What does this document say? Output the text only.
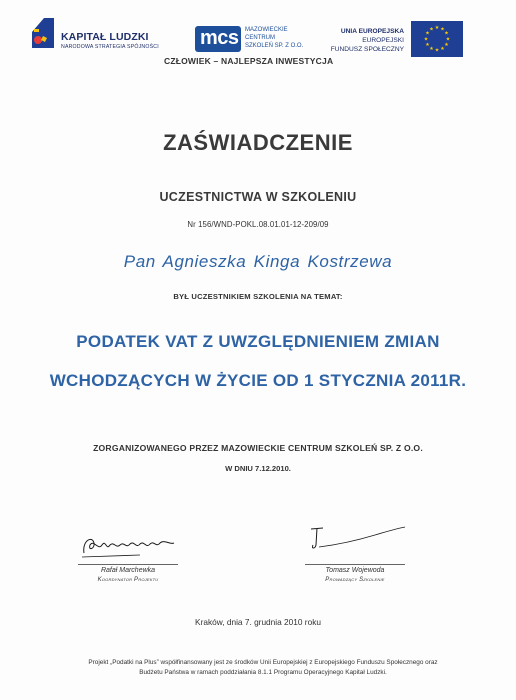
KAPITAŁ LUDZKI
NARODOWA STRATEGIA SPÓJNOŚCI mcs MAZOWIECKIE
CENTRUM
SZKOLEŃ SP. Z O.O.
CZŁOWIEK – NAJLEPSZA INWESTYCJA
UNIA EUROPEJSKA
EUROPEJSKI
FUNDUSZ SPOŁECZNY
★ ★
★
★
★
★
★
★
★
★
★
★
ZAŚWIADCZENIE
UCZESTNICTWA W SZKOLENIU
Nr 156/WND-POKL.08.01.01-12-209/09
Pan Agnieszka Kinga Kostrzewa
BYŁ UCZESTNIKIEM SZKOLENIA NA TEMAT:
PODATEK VAT Z UWZGLĘDNIENIEM ZMIAN
WCHODZĄCYCH W ŻYCIE OD 1 STYCZNIA 2011R.
ZORGANIZOWANEGO PRZEZ MAZOWIECKIE CENTRUM SZKOLEŃ SP. Z O.O.
W DNIU 7.12.2010.
Rafał Marchewka
Koordynator Projektu
Tomasz Wojewoda
Prowadzący Szkolenie
Kraków, dnia 7. grudnia 2010 roku
Projekt „Podatki na Plus” współfinansowany jest ze środków Unii Europejskiej z Europejskiego Funduszu Społecznego oraz
Budżetu Państwa w ramach poddziałania 8.1.1 Programu Operacyjnego Kapitał Ludzki.
